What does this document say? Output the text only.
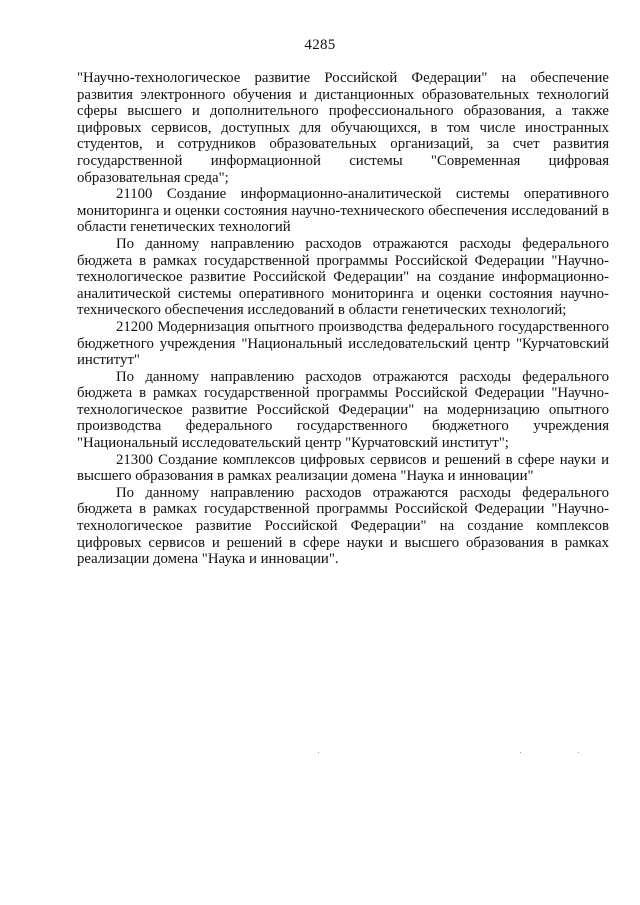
4285

"Научно-технологическое развитие Российской Федерации" на обеспечение развития электронного обучения и дистанционных образовательных технологий сферы высшего и дополнительного профессионального образования, а также цифровых сервисов, доступных для обучающихся, в том числе иностранных студентов, и сотрудников образовательных организаций, за счет развития государственной информационной системы "Современная цифровая образовательная среда";

21100 Создание информационно-аналитической системы оперативного мониторинга и оценки состояния научно-технического обеспечения исследований в области генетических технологий

По данному направлению расходов отражаются расходы федерального бюджета в рамках государственной программы Российской Федерации "Научно-технологическое развитие Российской Федерации" на создание информационно-аналитической системы оперативного мониторинга и оценки состояния научно-технического обеспечения исследований в области генетических технологий;

21200 Модернизация опытного производства федерального государственного бюджетного учреждения "Национальный исследовательский центр "Курчатовский институт"

По данному направлению расходов отражаются расходы федерального бюджета в рамках государственной программы Российской Федерации "Научно-технологическое развитие Российской Федерации" на модернизацию опытного производства федерального государственного бюджетного учреждения "Национальный исследовательский центр "Курчатовский институт";

21300 Создание комплексов цифровых сервисов и решений в сфере науки и высшего образования в рамках реализации домена "Наука и инновации"

По данному направлению расходов отражаются расходы федерального бюджета в рамках государственной программы Российской Федерации "Научно-технологическое развитие Российской Федерации" на создание комплексов цифровых сервисов и решений в сфере науки и высшего образования в рамках реализации домена "Наука и инновации".
